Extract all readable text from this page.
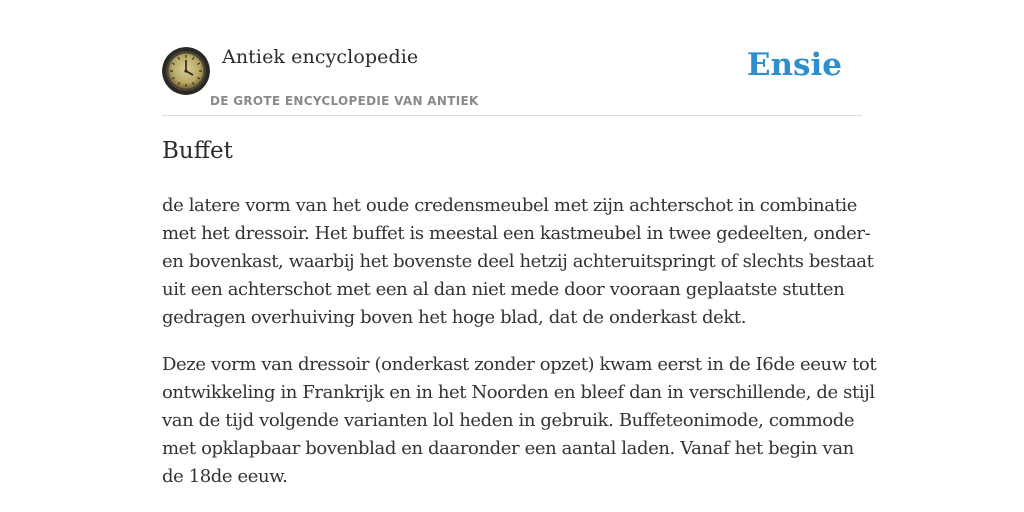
Antiek encyclopedie
DE GROTE ENCYCLOPEDIE VAN ANTIEK
Ensie
Buffet

de latere vorm van het oude credensmeubel met zijn achterschot in combinatie
met het dressoir. Het buffet is meestal een kastmeubel in twee gedeelten, onder-
en bovenkast, waarbij het bovenste deel hetzij achteruitspringt of slechts bestaat
uit een achterschot met een al dan niet mede door vooraan geplaatste stutten
gedragen overhuiving boven het hoge blad, dat de onderkast dekt.

Deze vorm van dressoir (onderkast zonder opzet) kwam eerst in de I6de eeuw tot
ontwikkeling in Frankrijk en in het Noorden en bleef dan in verschillende, de stijl
van de tijd volgende varianten lol heden in gebruik. Buffeteonimode, commode
met opklapbaar bovenblad en daaronder een aantal laden. Vanaf het begin van
de 18de eeuw.
